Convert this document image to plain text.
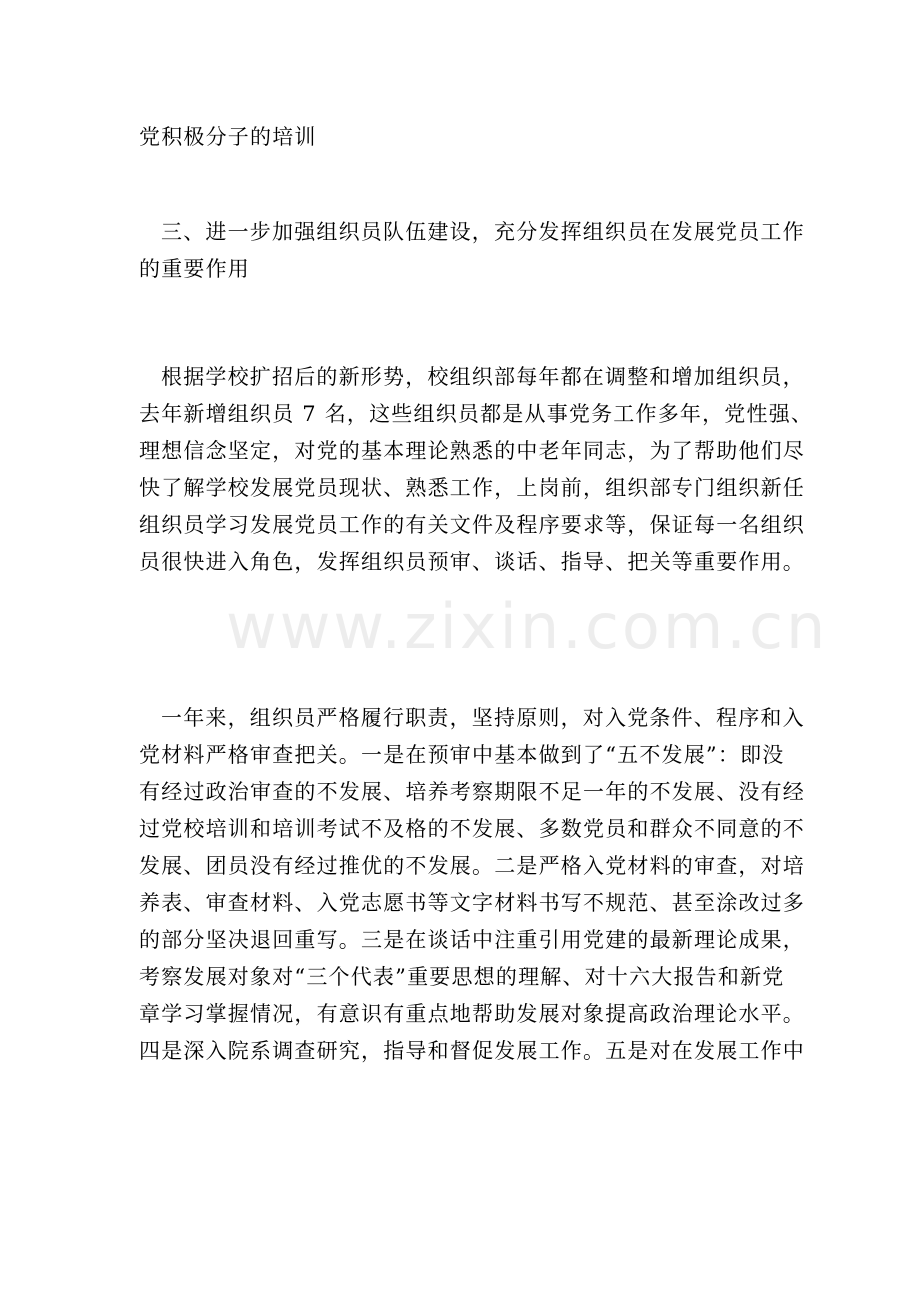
党积极分子的培训
三、进一步加强组织员队伍建设，充分发挥组织员在发展党员工作
的重要作用
根据学校扩招后的新形势，校组织部每年都在调整和增加组织员，
去年新增组织员 7 名，这些组织员都是从事党务工作多年，党性强、
理想信念坚定，对党的基本理论熟悉的中老年同志，为了帮助他们尽
快了解学校发展党员现状、熟悉工作，上岗前，组织部专门组织新任
组织员学习发展党员工作的有关文件及程序要求等，保证每一名组织
员很快进入角色，发挥组织员预审、谈话、指导、把关等重要作用。
一年来，组织员严格履行职责，坚持原则，对入党条件、程序和入
党材料严格审查把关。一是在预审中基本做到了“五不发展”：即没
有经过政治审查的不发展、培养考察期限不足一年的不发展、没有经
过党校培训和培训考试不及格的不发展、多数党员和群众不同意的不
发展、团员没有经过推优的不发展。二是严格入党材料的审查，对培
养表、审查材料、入党志愿书等文字材料书写不规范、甚至涂改过多
的部分坚决退回重写。三是在谈话中注重引用党建的最新理论成果，
考察发展对象对“三个代表”重要思想的理解、对十六大报告和新党
章学习掌握情况，有意识有重点地帮助发展对象提高政治理论水平。
四是深入院系调查研究，指导和督促发展工作。五是对在发展工作中
www.zixin.com.cn
